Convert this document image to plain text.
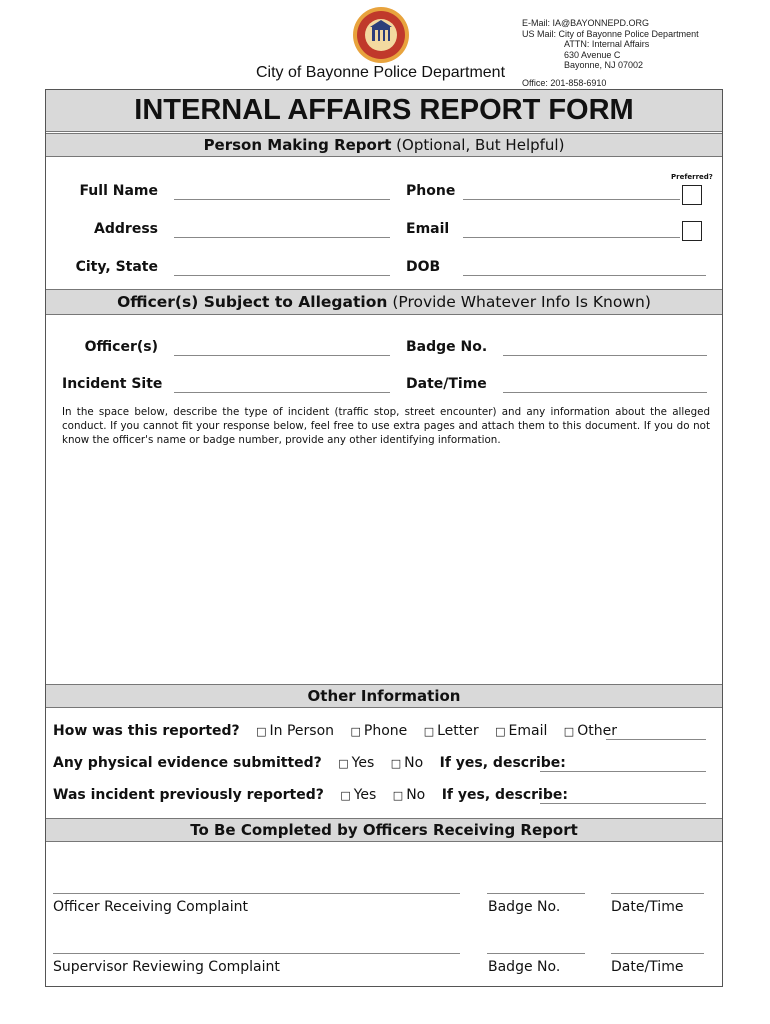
City of Bayonne Police Department
E-Mail: IA@BAYONNEPD.ORG
US Mail: City of Bayonne Police Department
ATTN: Internal Affairs
630 Avenue C
Bayonne, NJ 07002
Office: 201-858-6910
INTERNAL AFFAIRS REPORT FORM
Person Making Report (Optional, But Helpful)
Preferred?
Full Name	Phone
Address	Email
City, State	DOB
Officer(s) Subject to Allegation (Provide Whatever Info Is Known)
Officer(s)	Badge No.
Incident Site	Date/Time
In the space below, describe the type of incident (traffic stop, street encounter) and any information about the alleged conduct. If you cannot fit your response below, feel free to use extra pages and attach them to this document. If you do not know the officer's name or badge number, provide any other identifying information.
Other Information
How was this reported? □ In Person □ Phone □ Letter □ Email □ Other
Any physical evidence submitted? □ Yes □ No If yes, describe:
Was incident previously reported? □ Yes □ No If yes, describe:
To Be Completed by Officers Receiving Report
Officer Receiving Complaint	Badge No.	Date/Time
Supervisor Reviewing Complaint	Badge No.	Date/Time
